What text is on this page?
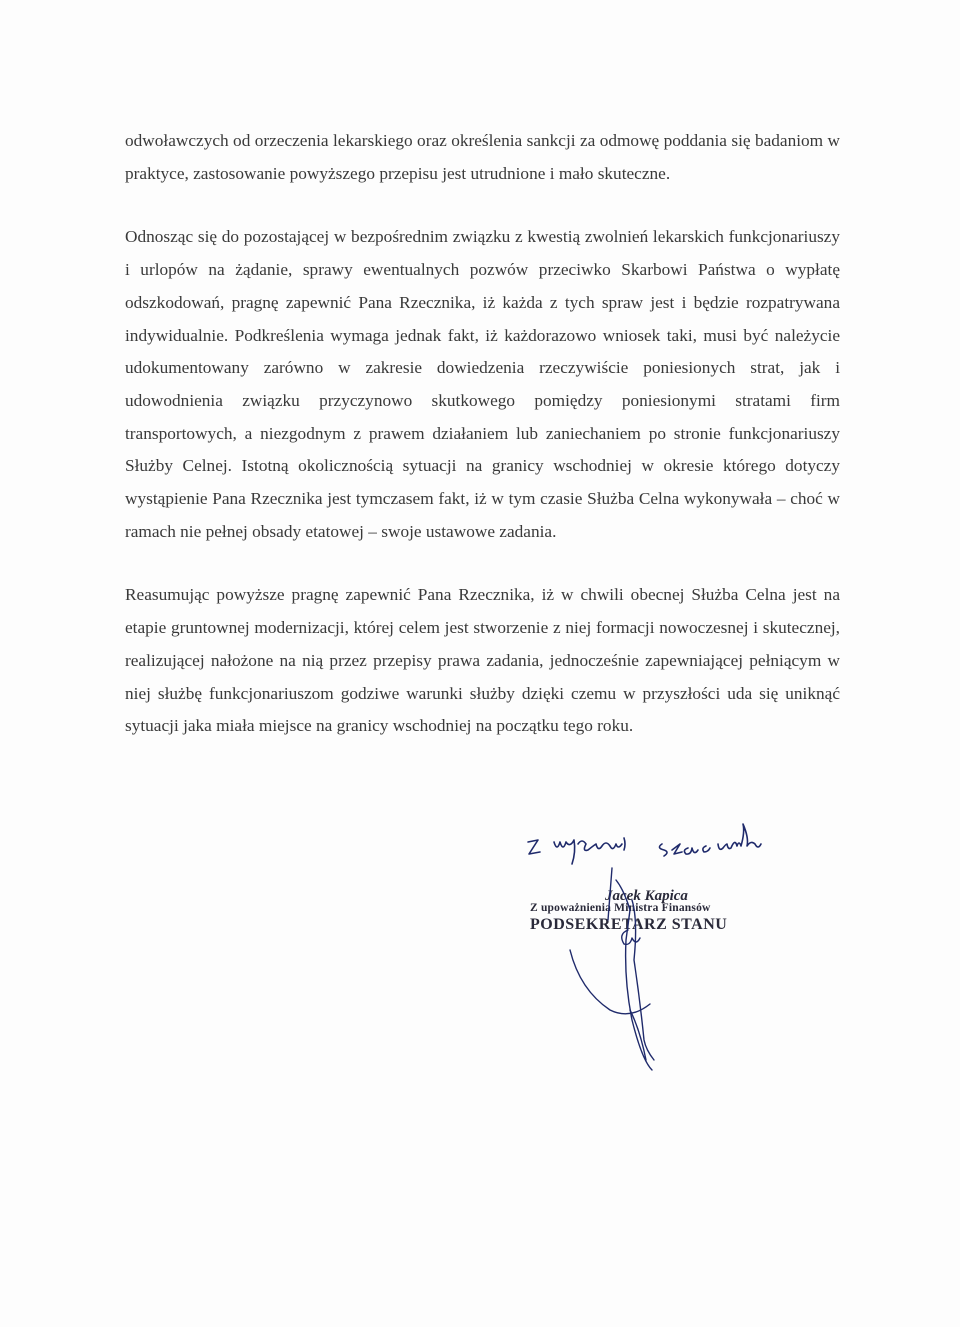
odwoławczych od orzeczenia lekarskiego oraz określenia sankcji za odmowę poddania się badaniom w praktyce, zastosowanie powyższego przepisu jest utrudnione i mało skuteczne.

Odnosząc się do pozostającej w bezpośrednim związku z kwestią zwolnień lekarskich funkcjonariuszy i urlopów na żądanie, sprawy ewentualnych pozwów przeciwko Skarbowi Państwa o wypłatę odszkodowań, pragnę zapewnić Pana Rzecznika, iż każda z tych spraw jest i będzie rozpatrywana indywidualnie. Podkreślenia wymaga jednak fakt, iż każdorazowo wniosek taki, musi być należycie udokumentowany zarówno w zakresie dowiedzenia rzeczywiście poniesionych strat, jak i udowodnienia związku przyczynowo skutkowego pomiędzy poniesionymi stratami firm transportowych, a niezgodnym z prawem działaniem lub zaniechaniem po stronie funkcjonariuszy Służby Celnej. Istotną okolicznością sytuacji na granicy wschodniej w okresie którego dotyczy wystąpienie Pana Rzecznika jest tymczasem fakt, iż w tym czasie Służba Celna wykonywała – choć w ramach nie pełnej obsady etatowej – swoje ustawowe zadania.

Reasumując powyższe pragnę zapewnić Pana Rzecznika, iż w chwili obecnej Służba Celna jest na etapie gruntownej modernizacji, której celem jest stworzenie z niej formacji nowoczesnej i skutecznej, realizującej nałożone na nią przez przepisy prawa zadania, jednocześnie zapewniającej pełniącym w niej służbę funkcjonariuszom godziwe warunki służby dzięki czemu w przyszłości uda się uniknąć sytuacji jaka miała miejsce na granicy wschodniej na początku tego roku.

Z upoważnienia Ministra Finansów
PODSEKRETARZ STANU
Jacek Kapica
